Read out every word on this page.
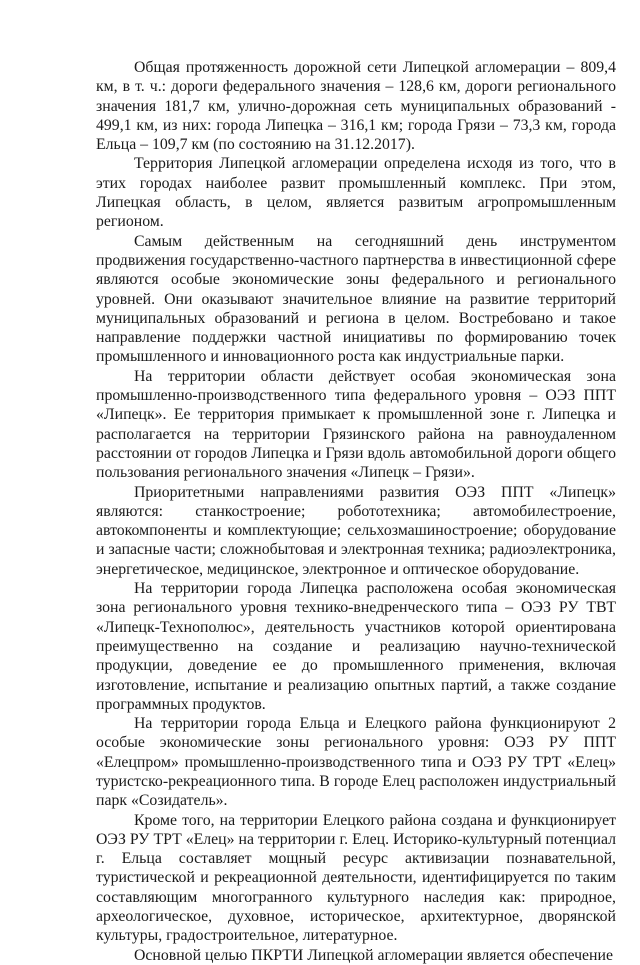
Общая протяженность дорожной сети Липецкой агломерации – 809,4 км, в т. ч.: дороги федерального значения – 128,6 км, дороги регионального значения 181,7 км, улично-дорожная сеть муниципальных образований - 499,1 км, из них: города Липецка – 316,1 км; города Грязи – 73,3 км, города Ельца – 109,7 км (по состоянию на 31.12.2017).

Территория Липецкой агломерации определена исходя из того, что в этих городах наиболее развит промышленный комплекс. При этом, Липецкая область, в целом, является развитым агропромышленным регионом.

Самым действенным на сегодняшний день инструментом продвижения государственно-частного партнерства в инвестиционной сфере являются особые экономические зоны федерального и регионального уровней. Они оказывают значительное влияние на развитие территорий муниципальных образований и региона в целом. Востребовано и такое направление поддержки частной инициативы по формированию точек промышленного и инновационного роста как индустриальные парки.

На территории области действует особая экономическая зона промышленно-производственного типа федерального уровня – ОЭЗ ППТ «Липецк». Ее территория примыкает к промышленной зоне г. Липецка и располагается на территории Грязинского района на равноудаленном расстоянии от городов Липецка и Грязи вдоль автомобильной дороги общего пользования регионального значения «Липецк – Грязи».

Приоритетными направлениями развития ОЭЗ ППТ «Липецк» являются: станкостроение; робототехника; автомобилестроение, автокомпоненты и комплектующие; сельхозмашиностроение; оборудование и запасные части; сложнобытовая и электронная техника; радиоэлектроника, энергетическое, медицинское, электронное и оптическое оборудование.

На территории города Липецка расположена особая экономическая зона регионального уровня технико-внедренческого типа – ОЭЗ РУ ТВТ «Липецк-Технополюс», деятельность участников которой ориентирована преимущественно на создание и реализацию научно-технической продукции, доведение ее до промышленного применения, включая изготовление, испытание и реализацию опытных партий, а также создание программных продуктов.

На территории города Ельца и Елецкого района функционируют 2 особые экономические зоны регионального уровня: ОЭЗ РУ ППТ «Елецпром» промышленно-производственного типа и ОЭЗ РУ ТРТ «Елец» туристско-рекреационного типа. В городе Елец расположен индустриальный парк «Созидатель».

Кроме того, на территории Елецкого района создана и функционирует ОЭЗ РУ ТРТ «Елец» на территории г. Елец. Историко-культурный потенциал г. Ельца составляет мощный ресурс активизации познавательной, туристической и рекреационной деятельности, идентифицируется по таким составляющим многогранного культурного наследия как: природное, археологическое, духовное, историческое, архитектурное, дворянской культуры, градостроительное, литературное.

Основной целью ПКРТИ Липецкой агломерации является обеспечение
